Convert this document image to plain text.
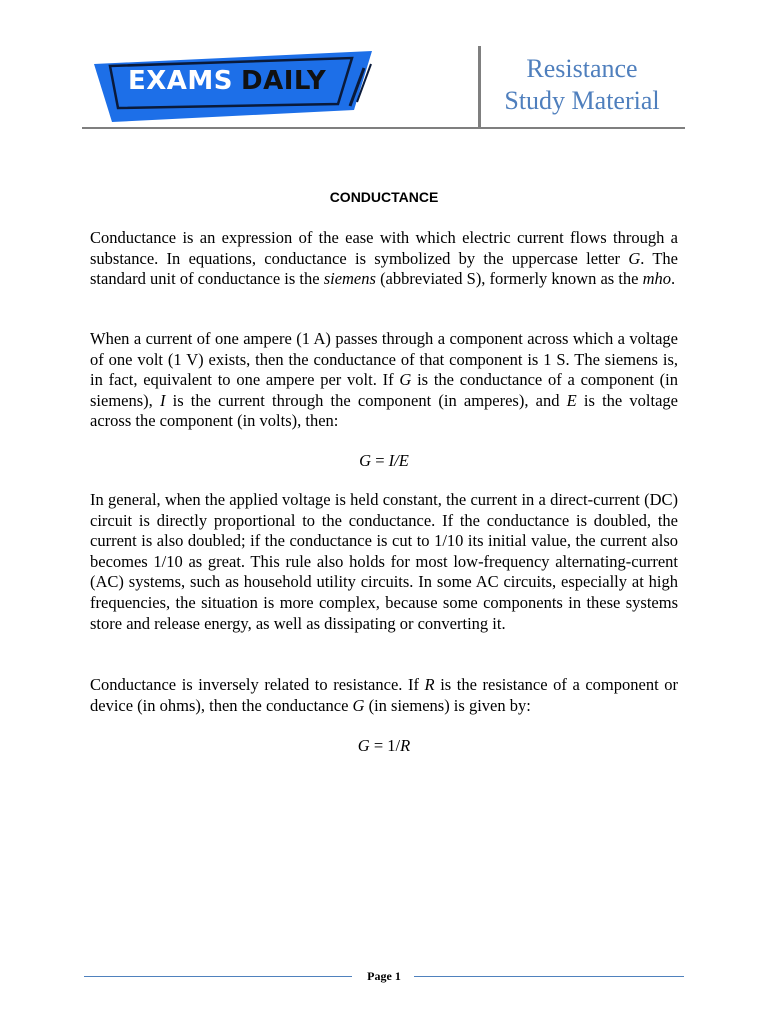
EXAMS DAILY	Resistance
Study Material
CONDUCTANCE

Conductance is an expression of the ease with which electric current flows through a substance. In equations, conductance is symbolized by the uppercase letter G. The standard unit of conductance is the siemens (abbreviated S), formerly known as the mho.

When a current of one ampere (1 A) passes through a component across which a voltage of one volt (1 V) exists, then the conductance of that component is 1 S. The siemens is, in fact, equivalent to one ampere per volt. If G is the conductance of a component (in siemens), I is the current through the component (in amperes), and E is the voltage across the component (in volts), then:

G = I/E

In general, when the applied voltage is held constant, the current in a direct-current (DC) circuit is directly proportional to the conductance. If the conductance is doubled, the current is also doubled; if the conductance is cut to 1/10 its initial value, the current also becomes 1/10 as great. This rule also holds for most low-frequency alternating-current (AC) systems, such as household utility circuits. In some AC circuits, especially at high frequencies, the situation is more complex, because some components in these systems store and release energy, as well as dissipating or converting it.

Conductance is inversely related to resistance. If R is the resistance of a component or device (in ohms), then the conductance G (in siemens) is given by:

G = 1/R
Page 1
